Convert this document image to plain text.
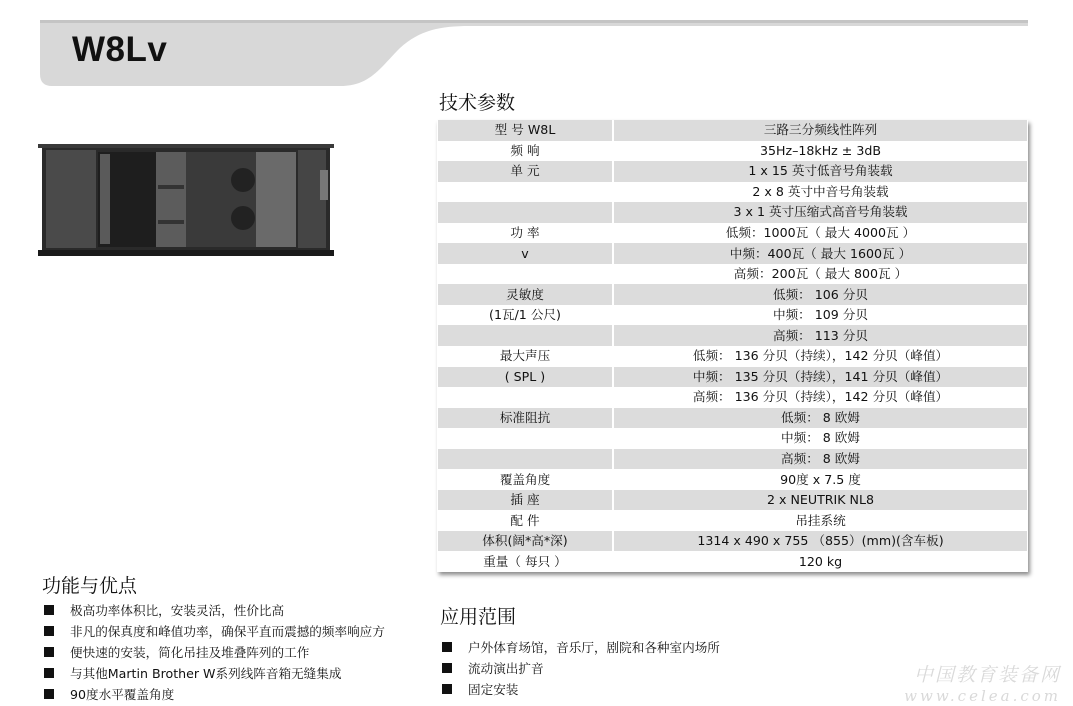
W8Lv
技术参数
型 号 W8L	三路三分频线性阵列
频 响	35Hz–18kHz ± 3dB
单 元	1 x 15 英寸低音号角装载
	2 x 8 英寸中音号角装载
	3 x 1 英寸压缩式高音号角装载
功 率	低频：1000瓦（ 最大 4000瓦 ）
v	中频：400瓦（ 最大 1600瓦 ）
	高频：200瓦（ 最大 800瓦 ）
灵敏度	低频： 106 分贝
(1瓦/1 公尺)	中频： 109 分贝
	高频： 113 分贝
最大声压	低频： 136 分贝（持续），142 分贝（峰值）
( SPL )	中频： 135 分贝（持续），141 分贝（峰值）
	高频： 136 分贝（持续），142 分贝（峰值）
标准阻抗	低频： 8 欧姆
	中频： 8 欧姆
	高频： 8 欧姆
覆盖角度	90度 x 7.5 度
插 座	2 x NEUTRIK NL8
配 件	吊挂系统
体积(阔*高*深)	1314 x 490 x 755 （855）(mm)(含车板)
重量（ 每只 ）	120 kg
功能与优点
极高功率体积比，安装灵活，性价比高
非凡的保真度和峰值功率，确保平直而震撼的频率响应方
便快速的安装，简化吊挂及堆叠阵列的工作
与其他Martin Brother W系列线阵音箱无缝集成
90度水平覆盖角度
应用范围
户外体育场馆，音乐厅，剧院和各种室内场所
流动演出扩音
固定安装
中国教育装备网
www.celea.com
